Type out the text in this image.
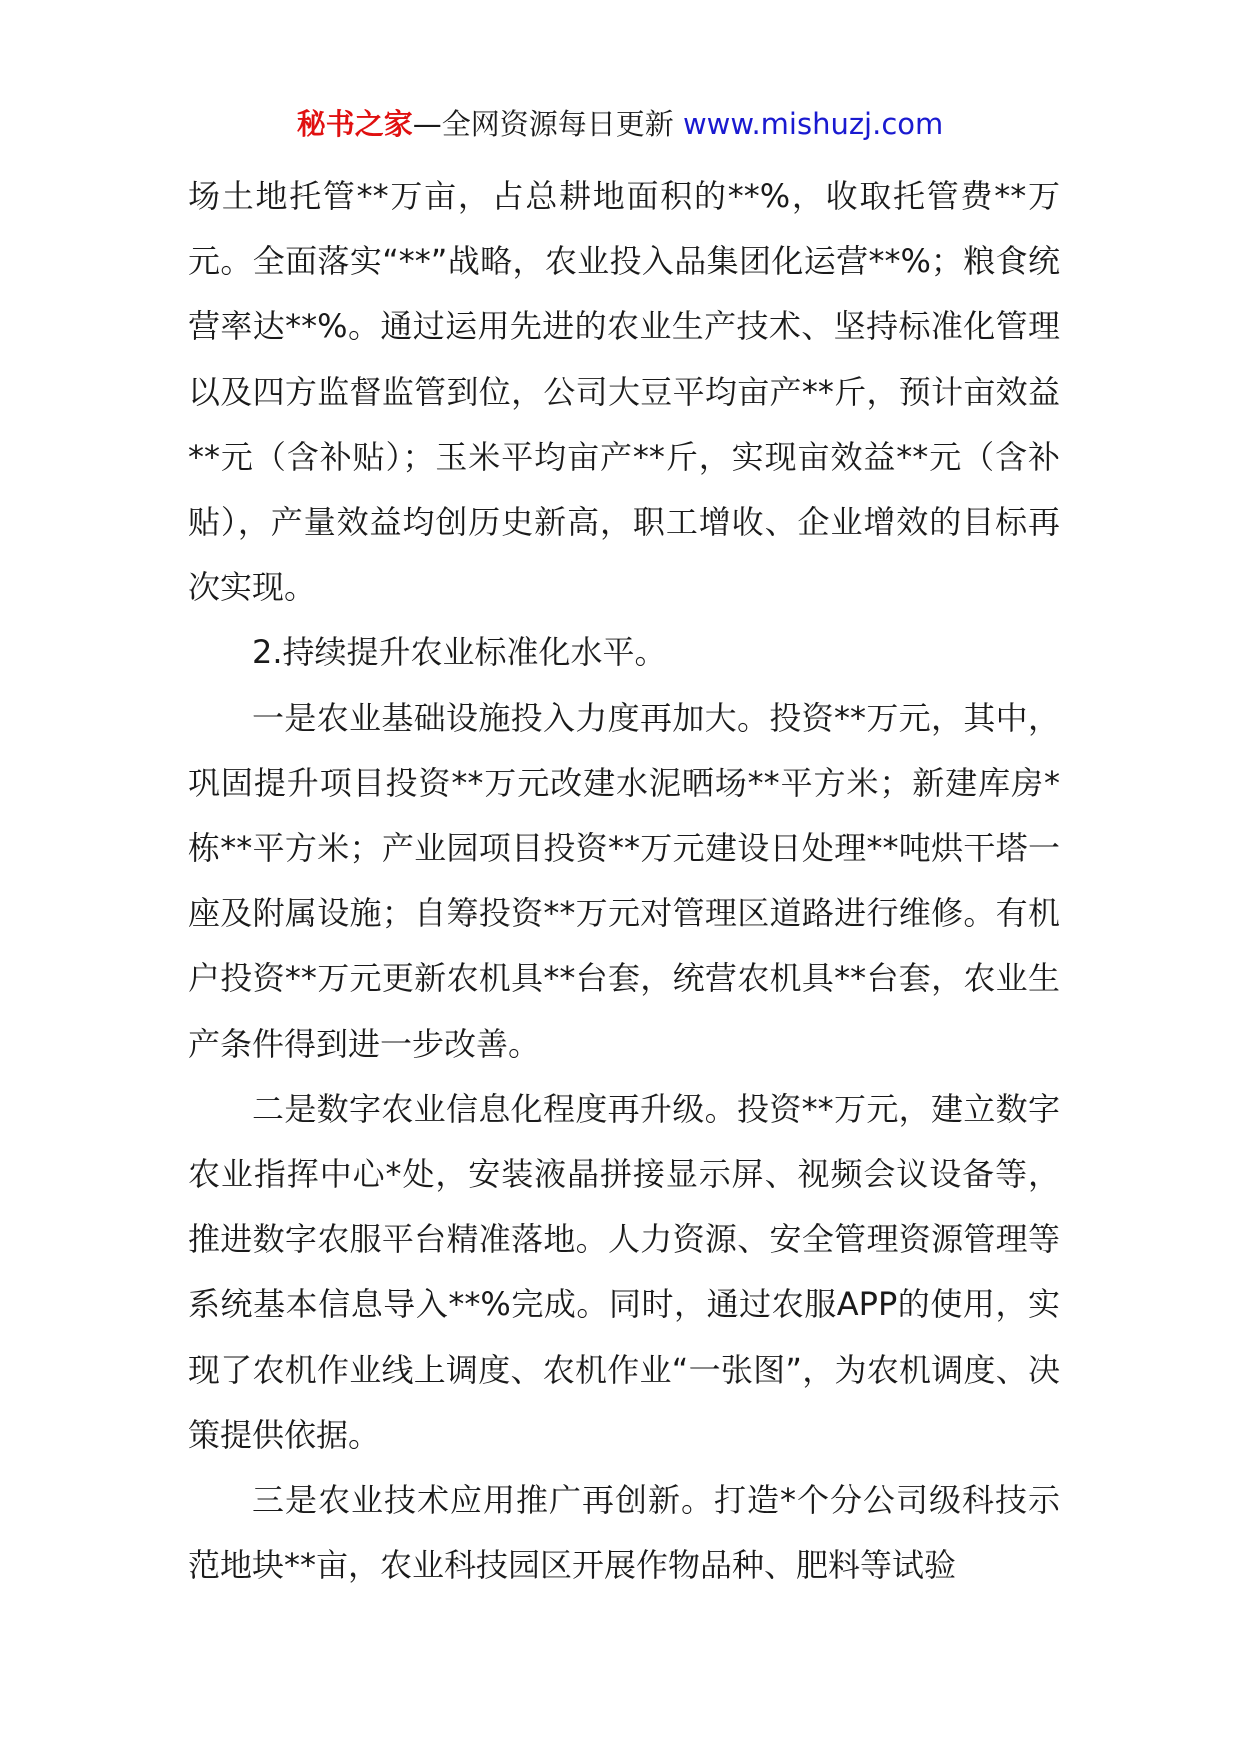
秘书之家—全网资源每日更新 www.mishuzj.com

场土地托管**万亩，占总耕地面积的**%，收取托管费**万元。全面落实“**”战略，农业投入品集团化运营**%；粮食统营率达**%。通过运用先进的农业生产技术、坚持标准化管理以及四方监督监管到位，公司大豆平均亩产**斤，预计亩效益**元（含补贴）；玉米平均亩产**斤，实现亩效益**元（含补贴），产量效益均创历史新高，职工增收、企业增效的目标再次实现。

2.持续提升农业标准化水平。

一是农业基础设施投入力度再加大。投资**万元，其中，巩固提升项目投资**万元改建水泥晒场**平方米；新建库房*栋**平方米；产业园项目投资**万元建设日处理**吨烘干塔一座及附属设施；自筹投资**万元对管理区道路进行维修。有机户投资**万元更新农机具**台套，统营农机具**台套，农业生产条件得到进一步改善。

二是数字农业信息化程度再升级。投资**万元，建立数字农业指挥中心*处，安装液晶拼接显示屏、视频会议设备等，推进数字农服平台精准落地。人力资源、安全管理资源管理等系统基本信息导入**%完成。同时，通过农服APP的使用，实现了农机作业线上调度、农机作业“一张图”，为农机调度、决策提供依据。

三是农业技术应用推广再创新。打造*个分公司级科技示范地块**亩，农业科技园区开展作物品种、肥料等试验
